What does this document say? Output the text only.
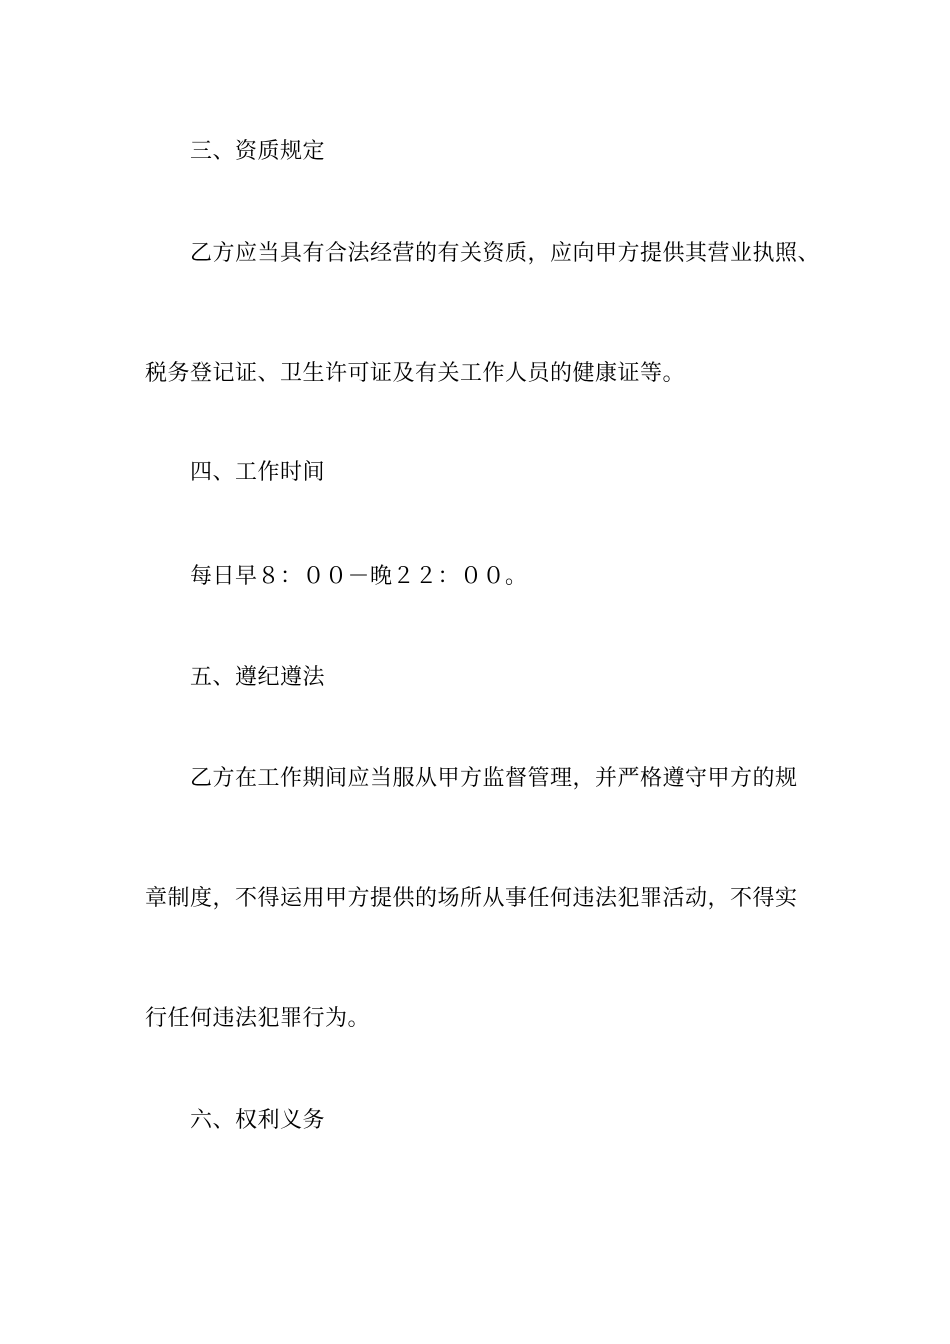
三、资质规定
乙方应当具有合法经营的有关资质，应向甲方提供其营业执照、
税务登记证、卫生许可证及有关工作人员的健康证等。
四、工作时间
每日早８：００－晚２２：００。
五、遵纪遵法
乙方在工作期间应当服从甲方监督管理，并严格遵守甲方的规
章制度，不得运用甲方提供的场所从事任何违法犯罪活动，不得实
行任何违法犯罪行为。
六、权利义务
